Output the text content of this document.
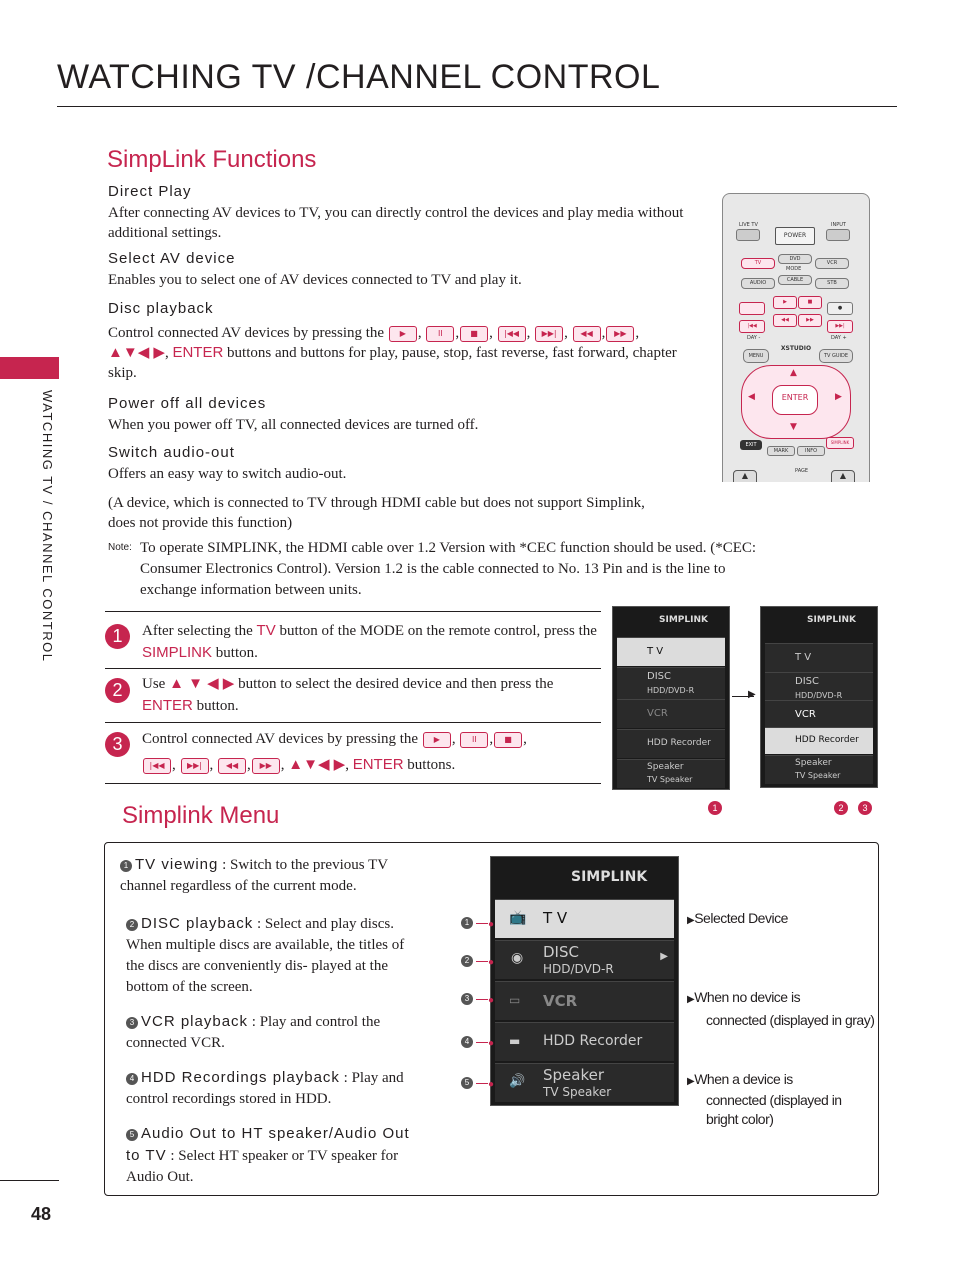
WATCHING TV /CHANNEL CONTROL
WATCHING TV / CHANNEL CONTROL
48
SimpLink Functions
Direct Play
After connecting AV devices to TV, you can directly control the devices and play media without additional settings.
Select AV device
Enables you to select one of AV devices connected to TV and play it.
Disc playback
Control connected AV devices by pressing the ▶ , II , ■ , |◀◀ , ▶▶| , ◀◀ , ▶▶ ,
▲▼◀ ▶, ENTER buttons and buttons for play, pause, stop, fast reverse, fast forward, chapter skip.
Power off all devices
When you power off TV, all connected devices are turned off.
Switch audio-out
Offers an easy way to switch audio-out.
(A device, which is connected to TV through HDMI cable but does not support Simplink, does not provide this function)
Note: To operate SIMPLINK, the HDMI cable over 1.2 Version with *CEC function should be used. (*CEC: Consumer Electronics Control). Version 1.2 is the cable connected to No. 13 Pin and is the line to exchange information between units.
LIVE TV	INPUT
POWER
TV
DVD
VCR
MODE
AUDIO	CABLE	STB
▶	■
●
|◀◀
◀◀	▶▶
▶▶|
DAY -	DAY +
MENU
XSTUDIO
TV GUIDE
▲
▼
◀	▶
ENTER
EXIT
MARK	INFO
SIMPLINK
PAGE
▲	▲
1	After selecting the TV button of the MODE on the remote control, press the SIMPLINK button.
2	Use ▲ ▼ ◀ ▶ button to select the desired device and then press the ENTER button.
3	Control connected AV devices by pressing the ▶ , II , ■ ,
|◀◀ , ▶▶| , ◀◀ , ▶▶ , ▲▼◀ ▶, ENTER buttons.
SIMPLINK
T V
DISC
HDD/DVD-R
VCR
HDD Recorder
Speaker
TV Speaker
▶
SIMPLINK
T V
DISC
HDD/DVD-R
VCR
HDD Recorder
Speaker
TV Speaker
1	2	3
Simplink Menu
1 TV viewing : Switch to the previous TV channel regardless of the current mode.
2 DISC playback : Select and play discs. When multiple discs are available, the titles of the discs are conveniently dis- played at the bottom of the screen.
3 VCR playback : Play and control the connected VCR.
4 HDD Recordings playback : Play and control recordings stored in HDD.
5 Audio Out to HT speaker/Audio Out to TV : Select HT speaker or TV speaker for Audio Out.
SIMPLINK
📺 T V
◉ DISC
HDD/DVD-R
▶
▭ VCR
▬ HDD Recorder
🔊 Speaker
TV Speaker
1 ●
2 ●
3 ●
4 ●
5 ●
▶Selected Device
▶When no device is
connected (displayed in gray)
▶When a device is
connected (displayed in
bright color)
